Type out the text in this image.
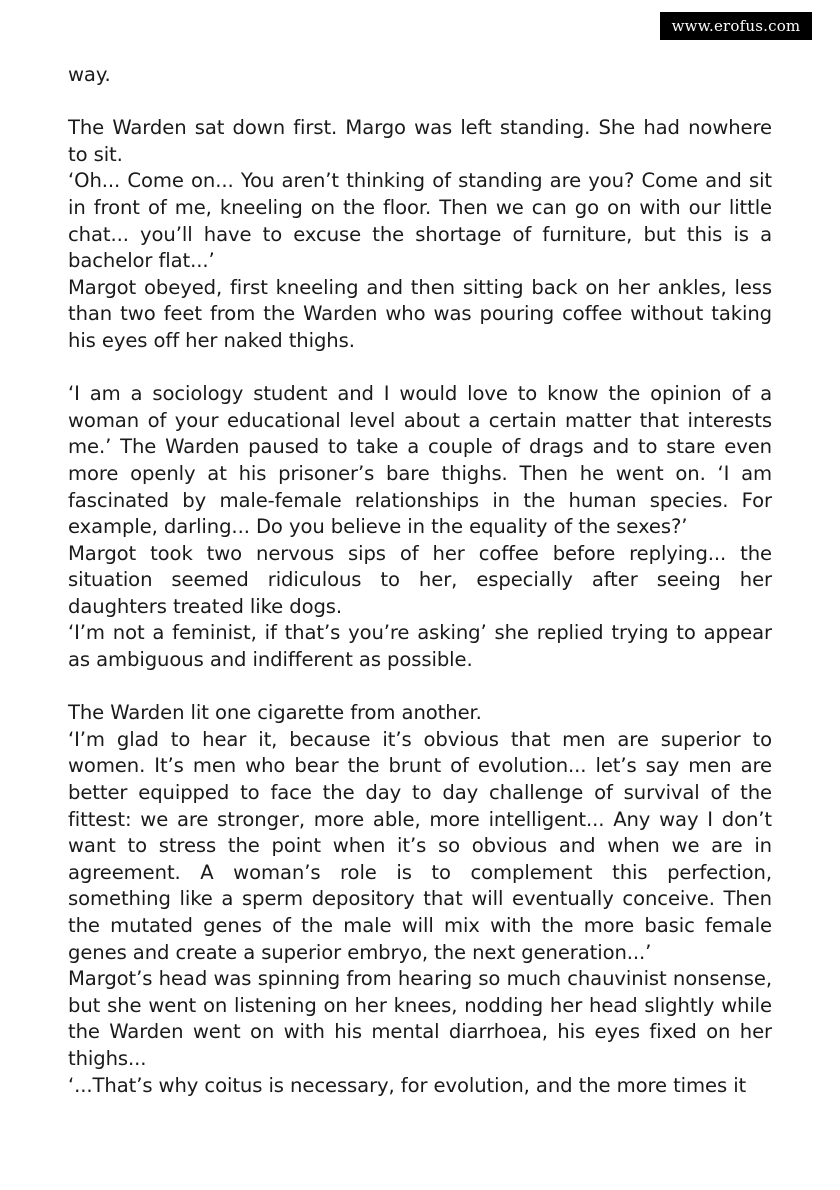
www.erofus.com

way.

The Warden sat down first. Margo was left standing. She had nowhere to sit.

‘Oh... Come on... You aren’t thinking of standing are you? Come and sit in front of me, kneeling on the floor. Then we can go on with our little chat... you’ll have to excuse the shortage of furniture, but this is a bachelor flat...’

Margot obeyed, first kneeling and then sitting back on her ankles, less than two feet from the Warden who was pouring coffee without taking his eyes off her naked thighs.

‘I am a sociology student and I would love to know the opinion of a woman of your educational level about a certain matter that interests me.’ The Warden paused to take a couple of drags and to stare even more openly at his prisoner’s bare thighs. Then he went on. ‘I am fascinated by male-female relationships in the human species. For example, darling... Do you believe in the equality of the sexes?’

Margot took two nervous sips of her coffee before replying... the situation seemed ridiculous to her, especially after seeing her daughters treated like dogs.

‘I’m not a feminist, if that’s you’re asking’ she replied trying to appear as ambiguous and indifferent as possible.

The Warden lit one cigarette from another.

‘I’m glad to hear it, because it’s obvious that men are superior to women. It’s men who bear the brunt of evolution... let’s say men are better equipped to face the day to day challenge of survival of the fittest: we are stronger, more able, more intelligent... Any way I don’t want to stress the point when it’s so obvious and when we are in agreement. A woman’s role is to complement this perfection, something like a sperm depository that will eventually conceive. Then the mutated genes of the male will mix with the more basic female genes and create a superior embryo, the next generation...’

Margot’s head was spinning from hearing so much chauvinist nonsense, but she went on listening on her knees, nodding her head slightly while the Warden went on with his mental diarrhoea, his eyes fixed on her thighs...

‘...That’s why coitus is necessary, for evolution, and the more times it
